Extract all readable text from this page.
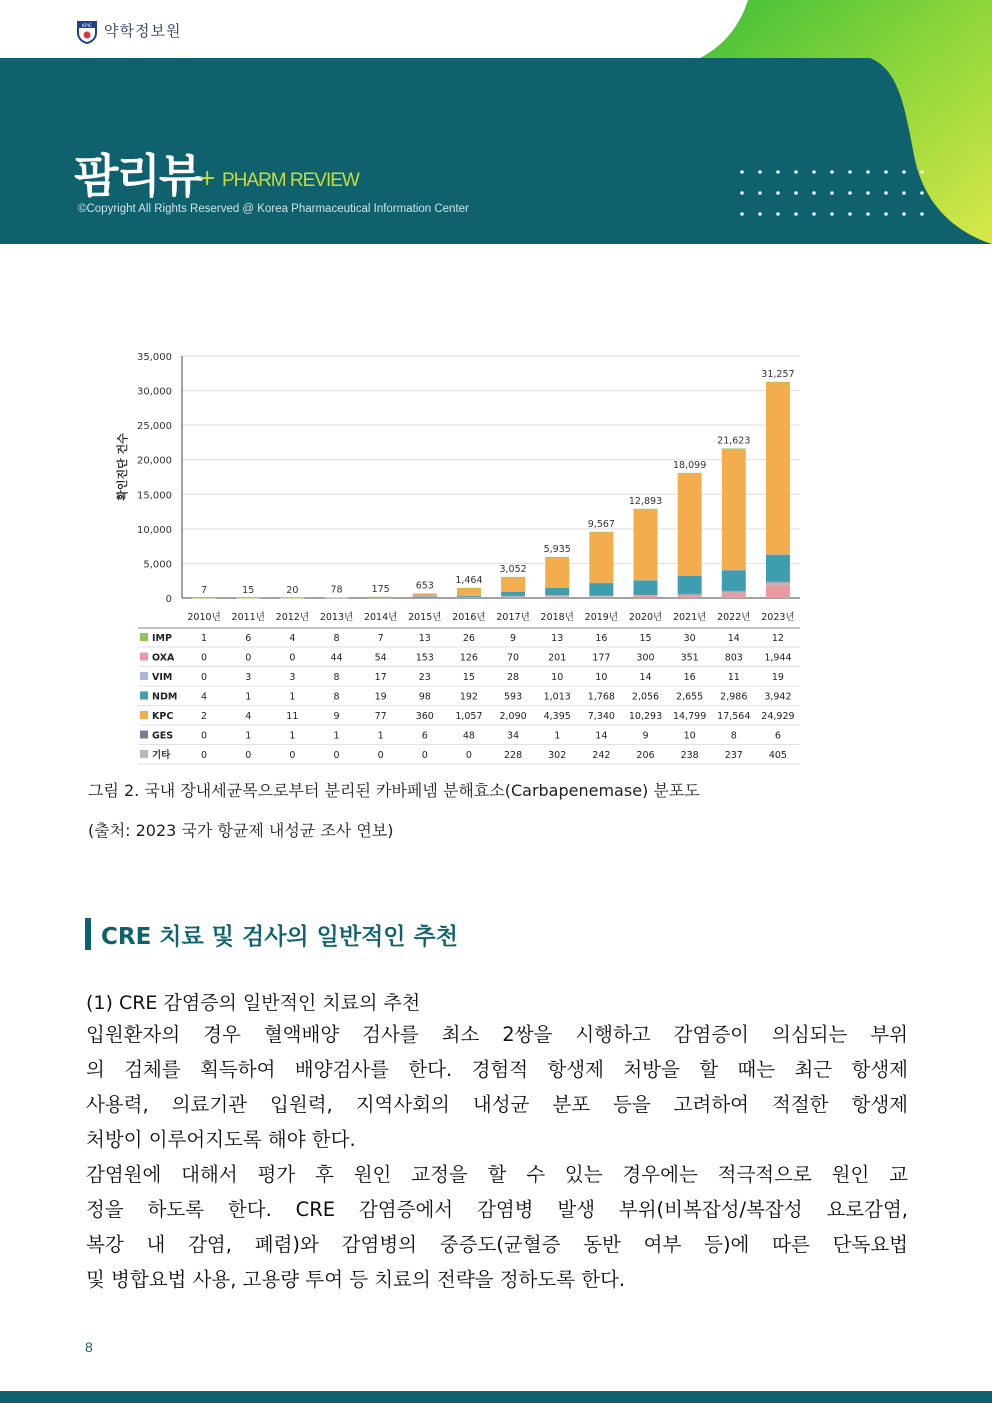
KPIC 약학정보원
팜리뷰
+ PHARM REVIEW
©Copyright All Rights Reserved @ Korea Pharmaceutical Information Center
0
5,000
10,000
15,000
20,000
25,000
30,000
35,000
확인진단 건수
7
2010년
15
2011년
20
2012년
78
2013년
175
2014년
653
2015년
1,464
2016년
3,052
2017년
5,935
2018년
9,567
2019년
12,893
2020년
18,099
2021년
21,623
2022년
31,257
2023년
IMP	1	6	4	8	7	13	26	9	13	16	15	30	14	12
OXA	0	0	0	44	54	153	126	70	201	177	300	351	803 1,944
VIM	0	3	3	8	17	23	15	28	10	10	14	16	11	19
NDM	4	1	1	8	19	98	192	593 1,013 1,768 2,056 2,655 2,986 3,942
KPC	2	4	11	9	77	360 1,057 2,090 4,395 7,340 10,293 14,799 17,564 24,929
GES	0	1	1	1	1	6	48	34	1	14	9	10	8	6
기타	0	0	0	0	0	0	0	228	302	242	206	238	237	405
그림 2. 국내 장내세균목으로부터 분리된 카바페넴 분해효소(Carbapenemase) 분포도
(출처: 2023 국가 항균제 내성균 조사 연보)
CRE 치료 및 검사의 일반적인 추천
(1) CRE 감염증의 일반적인 치료의 추천
입원환자의 경우 혈액배양 검사를 최소 2쌍을 시행하고 감염증이 의심되는 부위
의 검체를 획득하여 배양검사를 한다. 경험적 항생제 처방을 할 때는 최근 항생제
사용력, 의료기관 입원력, 지역사회의 내성균 분포 등을 고려하여 적절한 항생제
처방이 이루어지도록 해야 한다.
감염원에 대해서 평가 후 원인 교정을 할 수 있는 경우에는 적극적으로 원인 교
정을 하도록 한다. CRE 감염증에서 감염병 발생 부위(비복잡성/복잡성 요로감염,
복강 내 감염, 폐렴)와 감염병의 중증도(균혈증 동반 여부 등)에 따른 단독요법
및 병합요법 사용, 고용량 투여 등 치료의 전략을 정하도록 한다.
8
